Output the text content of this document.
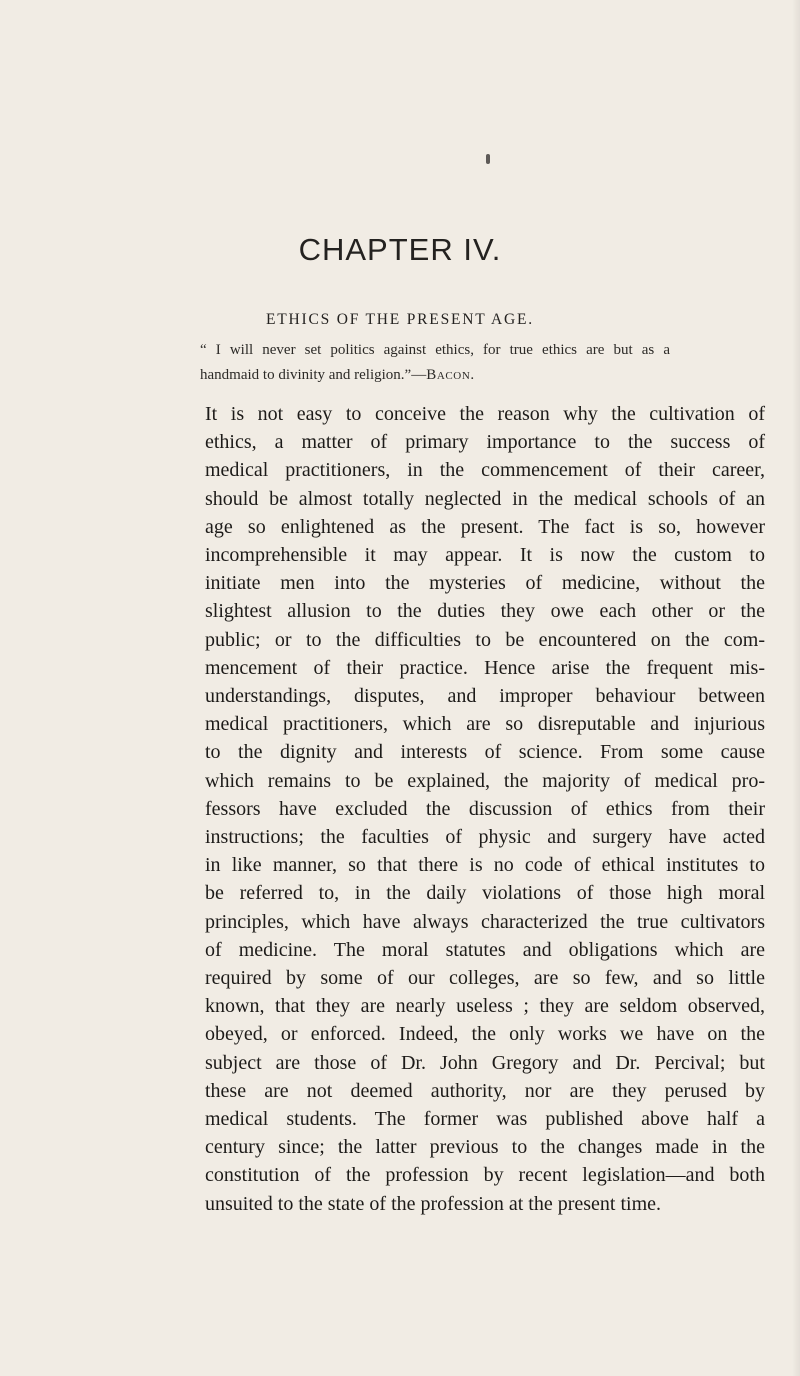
CHAPTER IV.
ETHICS OF THE PRESENT AGE.
“ I will never set politics against ethics, for true ethics are but as a
handmaid to divinity and religion.”—Bacon.
It is not easy to conceive the reason why the cultivation of
ethics, a matter of primary importance to the success of
medical practitioners, in the commencement of their career,
should be almost totally neglected in the medical schools of an
age so enlightened as the present. The fact is so, however
incomprehensible it may appear. It is now the custom to
initiate men into the mysteries of medicine, without the
slightest allusion to the duties they owe each other or the
public; or to the difficulties to be encountered on the com-
mencement of their practice. Hence arise the frequent mis-
understandings, disputes, and improper behaviour between
medical practitioners, which are so disreputable and injurious
to the dignity and interests of science. From some cause
which remains to be explained, the majority of medical pro-
fessors have excluded the discussion of ethics from their
instructions; the faculties of physic and surgery have acted
in like manner, so that there is no code of ethical institutes to
be referred to, in the daily violations of those high moral
principles, which have always characterized the true cultivators
of medicine. The moral statutes and obligations which are
required by some of our colleges, are so few, and so little
known, that they are nearly useless ; they are seldom observed,
obeyed, or enforced. Indeed, the only works we have on the
subject are those of Dr. John Gregory and Dr. Percival; but
these are not deemed authority, nor are they perused by
medical students. The former was published above half a
century since; the latter previous to the changes made in the
constitution of the profession by recent legislation—and both
unsuited to the state of the profession at the present time.
